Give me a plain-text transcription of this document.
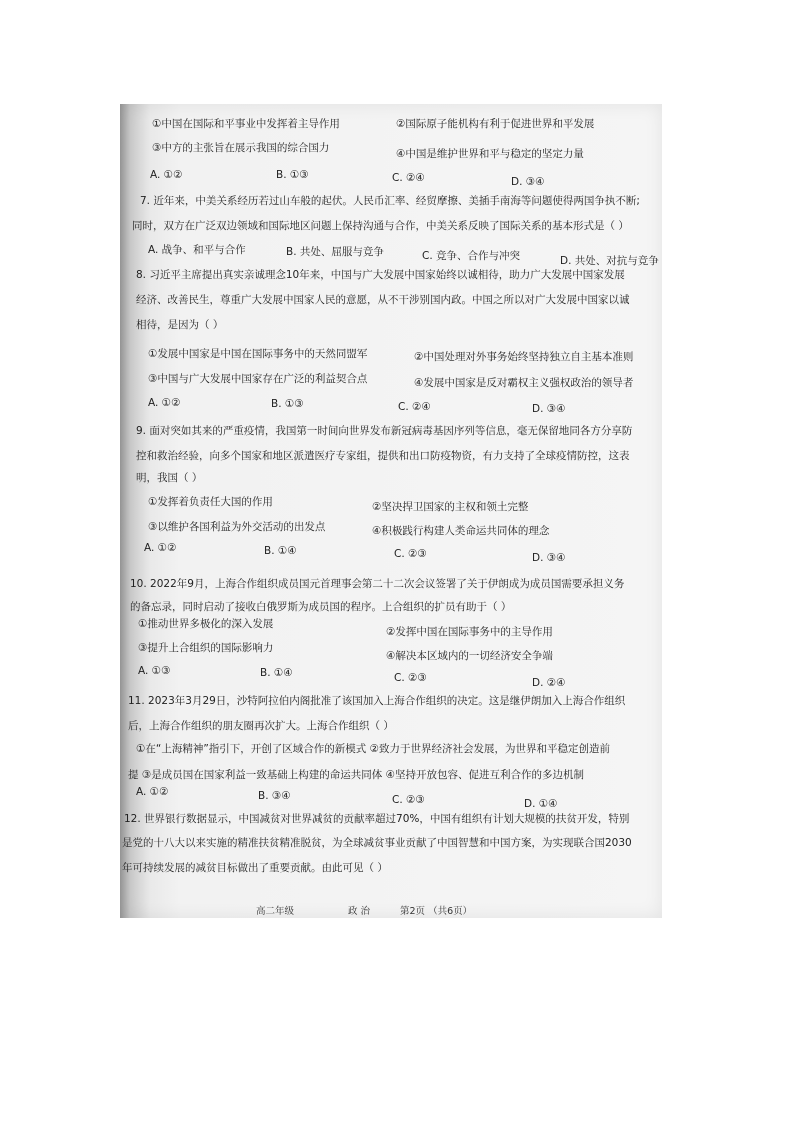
①中国在国际和平事业中发挥着主导作用	②国际原子能机构有利于促进世界和平发展
③中方的主张旨在展示我国的综合国力	④中国是维护世界和平与稳定的坚定力量
A. ①②	B. ①③	C. ②④	D. ③④
7. 近年来，中美关系经历若过山车般的起伏。人民币汇率、经贸摩擦、美插手南海等问题使得两国争执不断;
同时，双方在广泛双边领域和国际地区问题上保持沟通与合作，中美关系反映了国际关系的基本形式是（ ）
A. 战争、和平与合作	B. 共处、屈服与竞争	C. 竞争、合作与冲突	D. 共处、对抗与竞争
8. 习近平主席提出真实亲诚理念10年来，中国与广大发展中国家始终以诚相待，助力广大发展中国家发展
经济、改善民生，尊重广大发展中国家人民的意愿，从不干涉别国内政。中国之所以对广大发展中国家以诚
相待，是因为（ ）
①发展中国家是中国在国际事务中的天然同盟军	②中国处理对外事务始终坚持独立自主基本准则
③中国与广大发展中国家存在广泛的利益契合点	④发展中国家是反对霸权主义强权政治的领导者
A. ①②	B. ①③	C. ②④	D. ③④
9. 面对突如其来的严重疫情，我国第一时间向世界发布新冠病毒基因序列等信息，毫无保留地同各方分享防
控和救治经验，向多个国家和地区派遣医疗专家组，提供和出口防疫物资，有力支持了全球疫情防控，这表
明，我国（ ）
①发挥着负责任大国的作用	②坚决捍卫国家的主权和领土完整
③以维护各国利益为外交活动的出发点	④积极践行构建人类命运共同体的理念
A. ①②	B. ①④	C. ②③	D. ③④
10. 2022年9月，上海合作组织成员国元首理事会第二十二次会议签署了关于伊朗成为成员国需要承担义务
的备忘录，同时启动了接收白俄罗斯为成员国的程序。上合组织的扩员有助于（ ）
①推动世界多极化的深入发展
②发挥中国在国际事务中的主导作用
③提升上合组织的国际影响力
④解决本区域内的一切经济安全争端
A. ①③	B. ①④	C. ②③	D. ②④
11. 2023年3月29日，沙特阿拉伯内阁批准了该国加入上海合作组织的决定。这是继伊朗加入上海合作组织
后，上海合作组织的朋友圈再次扩大。上海合作组织（ ）
①在“上海精神”指引下，开创了区域合作的新模式 ②致力于世界经济社会发展，为世界和平稳定创造前
提 ③是成员国在国家利益一致基础上构建的命运共同体 ④坚持开放包容、促进互利合作的多边机制
A. ①②	B. ③④	C. ②③	D. ①④
12. 世界银行数据显示，中国减贫对世界减贫的贡献率超过70%，中国有组织有计划大规模的扶贫开发，特别
是党的十八大以来实施的精准扶贫精准脱贫，为全球减贫事业贡献了中国智慧和中国方案，为实现联合国2030
年可持续发展的减贫目标做出了重要贡献。由此可见（ ）
高二年级	政 治	第2页 （共6页）
